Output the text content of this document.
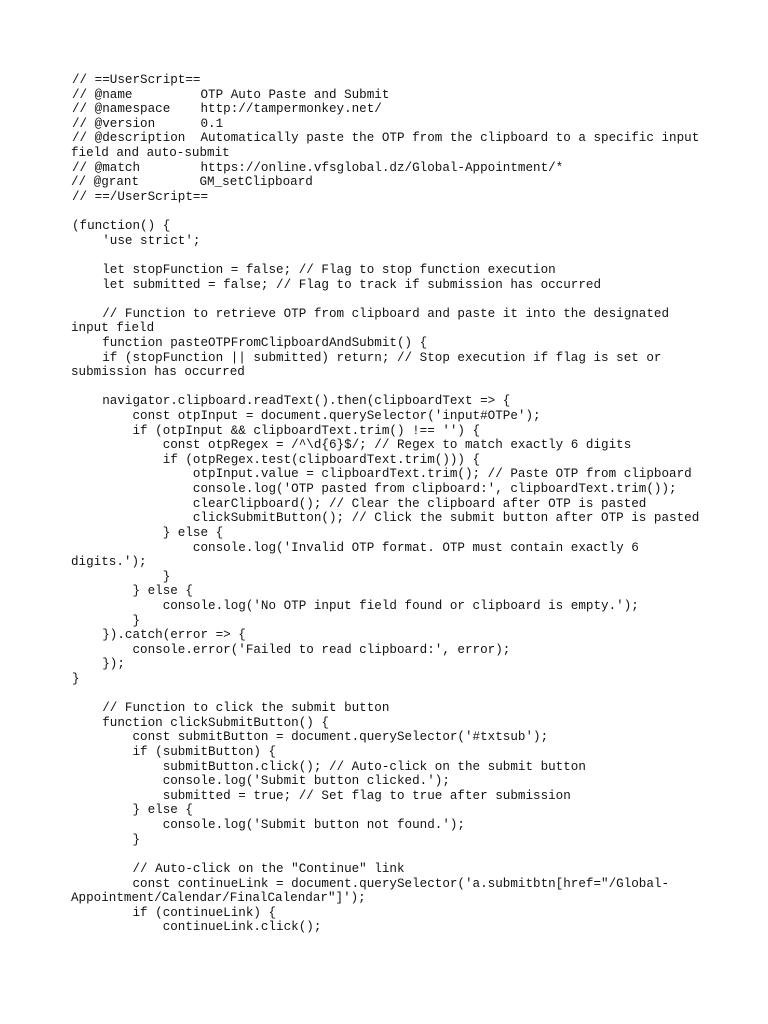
// ==UserScript==
// @name         OTP Auto Paste and Submit
// @namespace    http://tampermonkey.net/
// @version      0.1
// @description  Automatically paste the OTP from the clipboard to a specific input
field and auto-submit
// @match        https://online.vfsglobal.dz/Global-Appointment/*
// @grant        GM_setClipboard
// ==/UserScript==
(function() {
'use strict';
let stopFunction = false; // Flag to stop function execution
let submitted = false; // Flag to track if submission has occurred
// Function to retrieve OTP from clipboard and paste it into the designated
input field
function pasteOTPFromClipboardAndSubmit() {
if (stopFunction || submitted) return; // Stop execution if flag is set or
submission has occurred
navigator.clipboard.readText().then(clipboardText => {
const otpInput = document.querySelector('input#OTPe');
if (otpInput && clipboardText.trim() !== '') {
const otpRegex = /^\d{6}$/; // Regex to match exactly 6 digits
if (otpRegex.test(clipboardText.trim())) {
otpInput.value = clipboardText.trim(); // Paste OTP from clipboard
console.log('OTP pasted from clipboard:', clipboardText.trim());
clearClipboard(); // Clear the clipboard after OTP is pasted
clickSubmitButton(); // Click the submit button after OTP is pasted
} else {
console.log('Invalid OTP format. OTP must contain exactly 6
digits.');
}
} else {
console.log('No OTP input field found or clipboard is empty.');
}
}).catch(error => {
console.error('Failed to read clipboard:', error);
});
}
// Function to click the submit button
function clickSubmitButton() {
const submitButton = document.querySelector('#txtsub');
if (submitButton) {
submitButton.click(); // Auto-click on the submit button
console.log('Submit button clicked.');
submitted = true; // Set flag to true after submission
} else {
console.log('Submit button not found.');
}
// Auto-click on the "Continue" link
const continueLink = document.querySelector('a.submitbtn[href="/Global-
Appointment/Calendar/FinalCalendar"]');
if (continueLink) {
continueLink.click();
